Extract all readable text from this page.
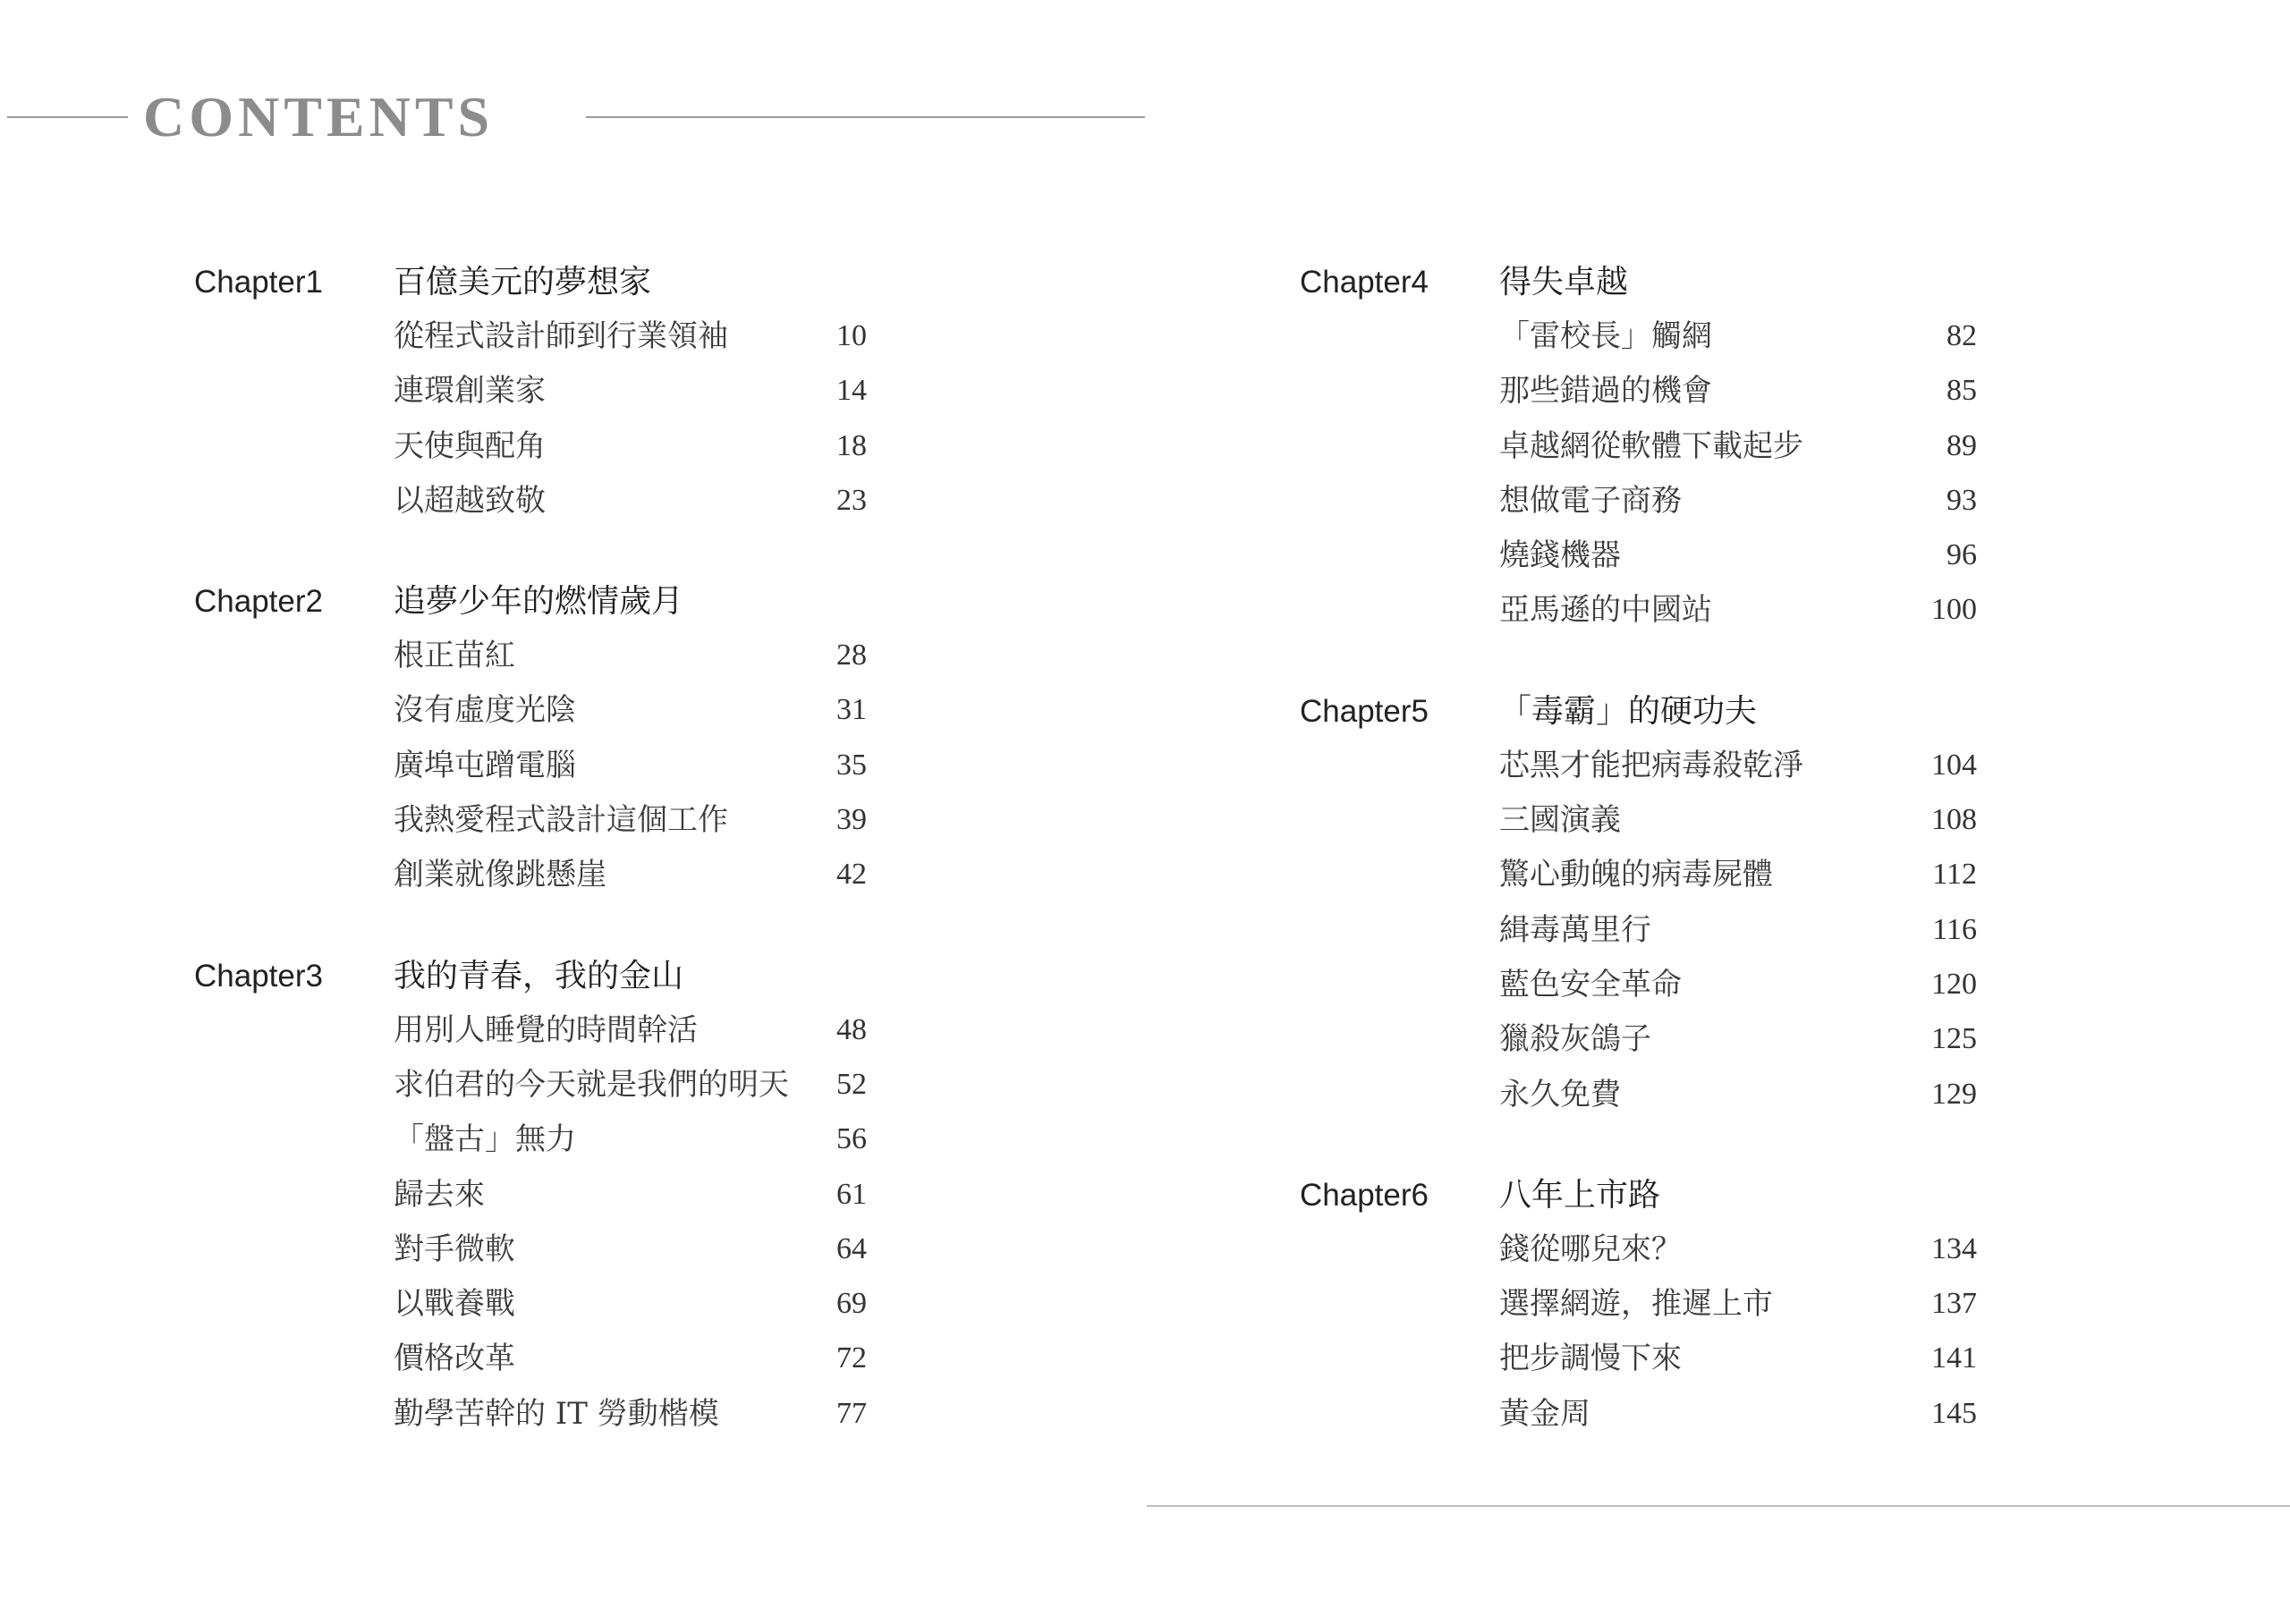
CONTENTS
Chapter1 百億美元的夢想家
從程式設計師到行業領袖	10
連環創業家	14
天使與配角	18
以超越致敬	23
Chapter2 追夢少年的燃情歲月
根正苗紅	28
沒有虛度光陰	31
廣埠屯蹭電腦	35
我熱愛程式設計這個工作	39
創業就像跳懸崖	42
Chapter3 我的青春，我的金山
用別人睡覺的時間幹活	48
求伯君的今天就是我們的明天 52
「盤古」無力	56
歸去來	61
對手微軟	64
以戰養戰	69
價格改革	72
勤學苦幹的 IT 勞動楷模	77
Chapter4 得失卓越
「雷校長」觸網	82
那些錯過的機會	85
卓越網從軟體下載起步	89
想做電子商務	93
燒錢機器	96
亞馬遜的中國站	100
Chapter5 「毒霸」的硬功夫
芯黑才能把病毒殺乾淨	104
三國演義	108
驚心動魄的病毒屍體	112
緝毒萬里行	116
藍色安全革命	120
獵殺灰鴿子	125
永久免費	129
Chapter6 八年上市路
錢從哪兒來？	134
選擇網遊，推遲上市	137
把步調慢下來	141
黃金周	145
